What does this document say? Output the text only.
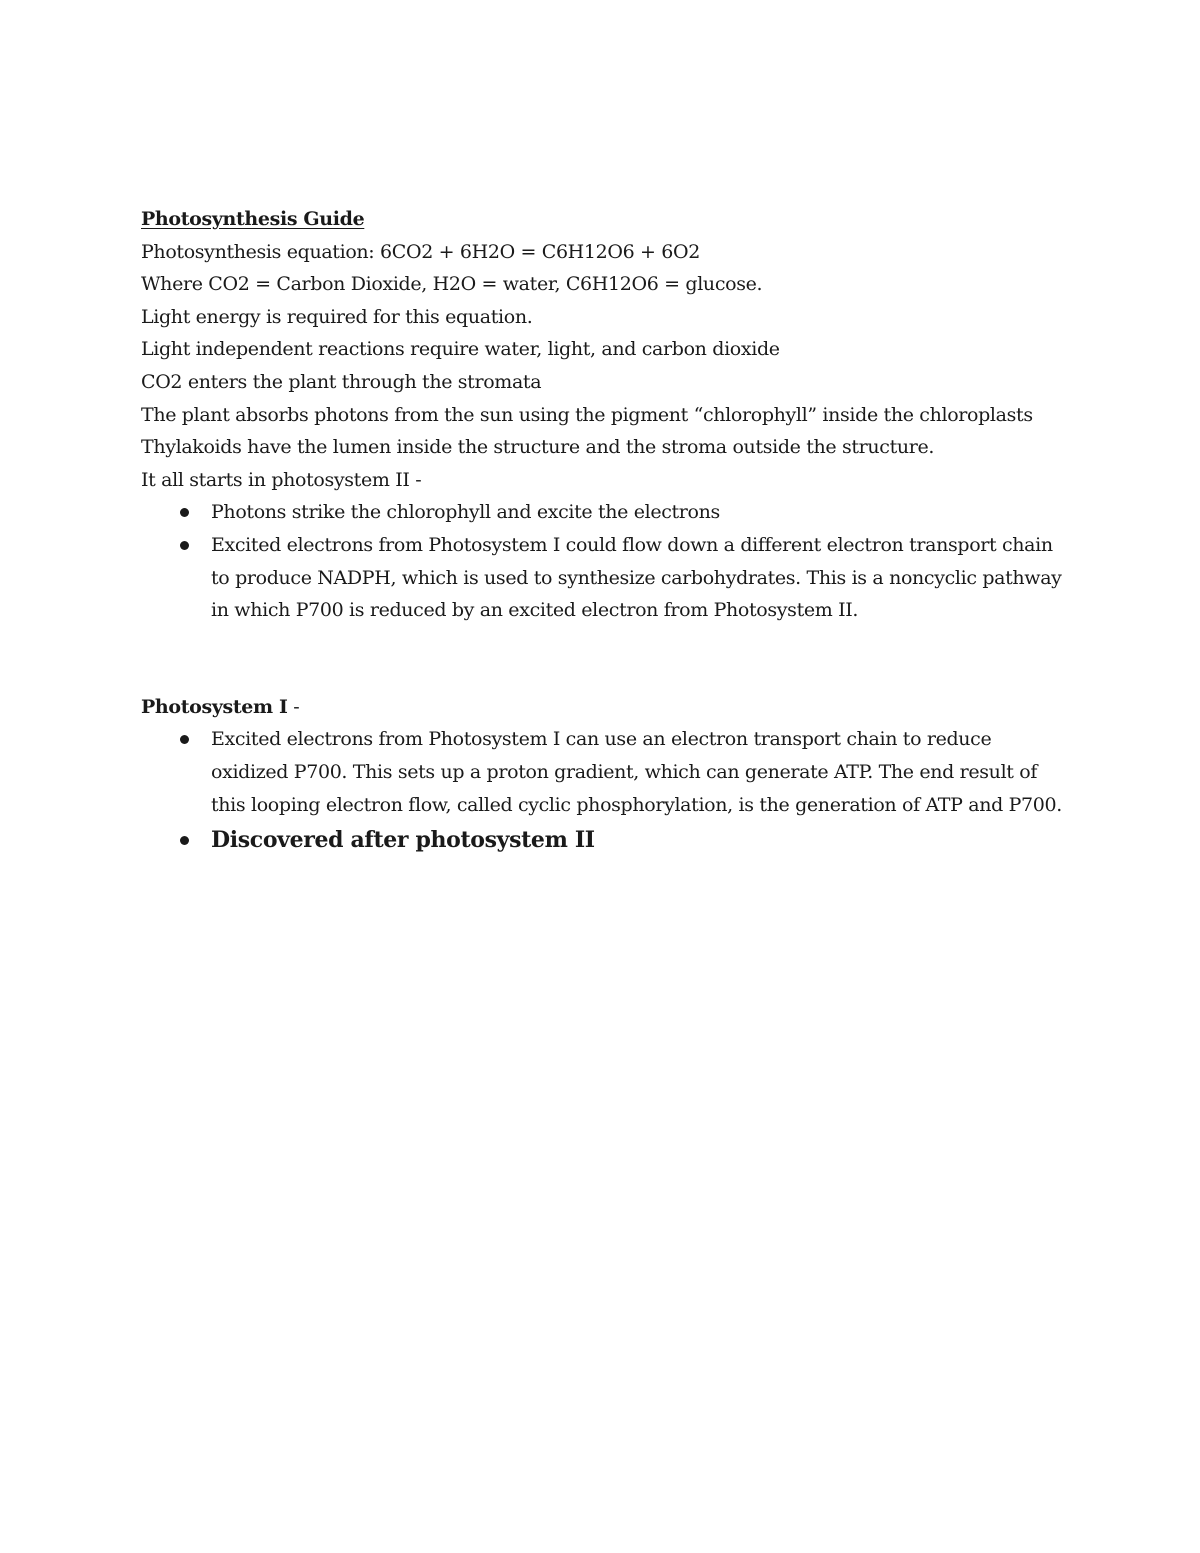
Photosynthesis Guide

Photosynthesis equation: 6CO2 + 6H2O = C6H12O6 + 6O2

Where CO2 = Carbon Dioxide, H2O = water, C6H12O6 = glucose.

Light energy is required for this equation.

Light independent reactions require water, light, and carbon dioxide

CO2 enters the plant through the stromata

The plant absorbs photons from the sun using the pigment “chlorophyll” inside the chloroplasts

Thylakoids have the lumen inside the structure and the stroma outside the structure.

It all starts in photosystem II -

Photons strike the chlorophyll and excite the electrons
Excited electrons from Photosystem I could flow down a different electron transport chain to produce NADPH, which is used to synthesize carbohydrates. This is a noncyclic pathway in which P700 is reduced by an excited electron from Photosystem II.

Photosystem I -

Excited electrons from Photosystem I can use an electron transport chain to reduce oxidized P700. This sets up a proton gradient, which can generate ATP. The end result of this looping electron flow, called cyclic phosphorylation, is the generation of ATP and P700.
Discovered after photosystem II
